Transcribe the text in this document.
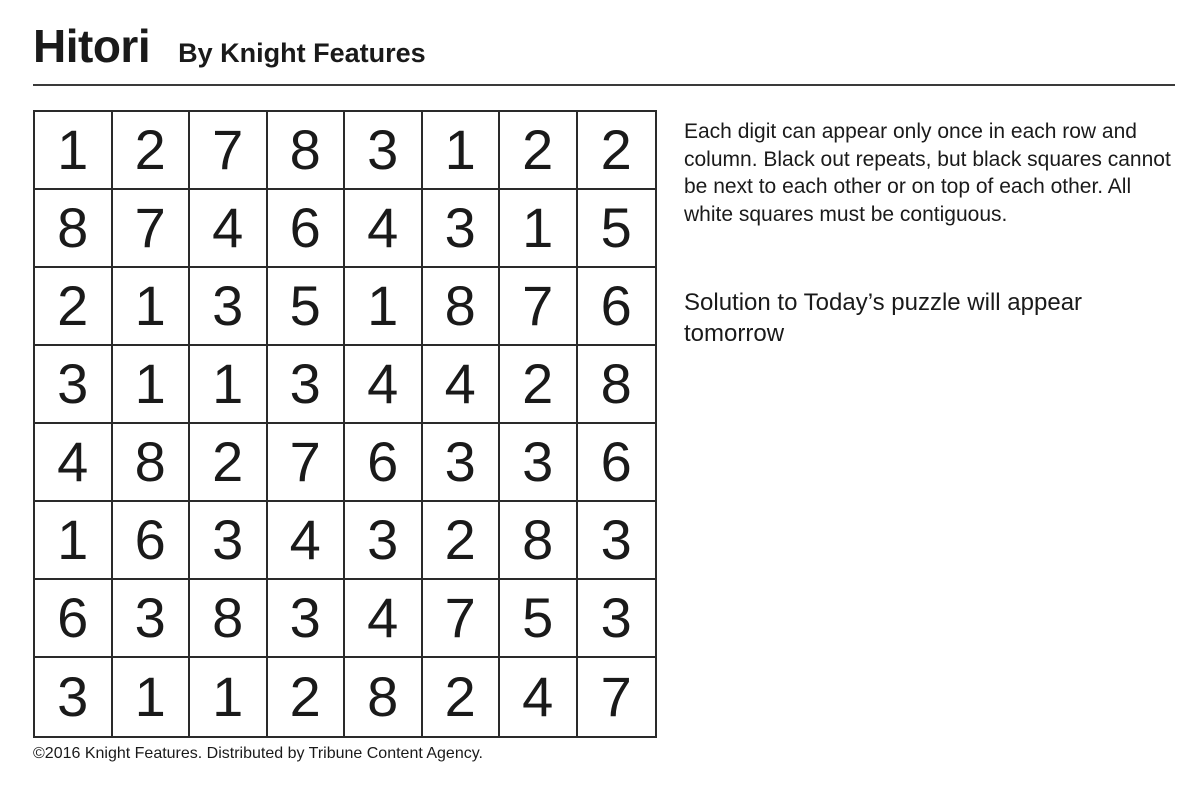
Hitori By Knight Features
1 2 7 8 3 1 2 2
8 7 4 6 4 3 1 5
2 1 3 5 1 8 7 6
3 1 1 3 4 4 2 8
4 8 2 7 6 3 3 6
1 6 3 4 3 2 8 3
6 3 8 3 4 7 5 3
3 1 1 2 8 2 4 7

Each digit can appear only once in each row and column. Black out repeats, but black squares cannot be next to each other or on top of each other. All white squares must be contiguous.

Solution to Today’s puzzle will appear tomorrow

©2016 Knight Features. Distributed by Tribune Content Agency.
